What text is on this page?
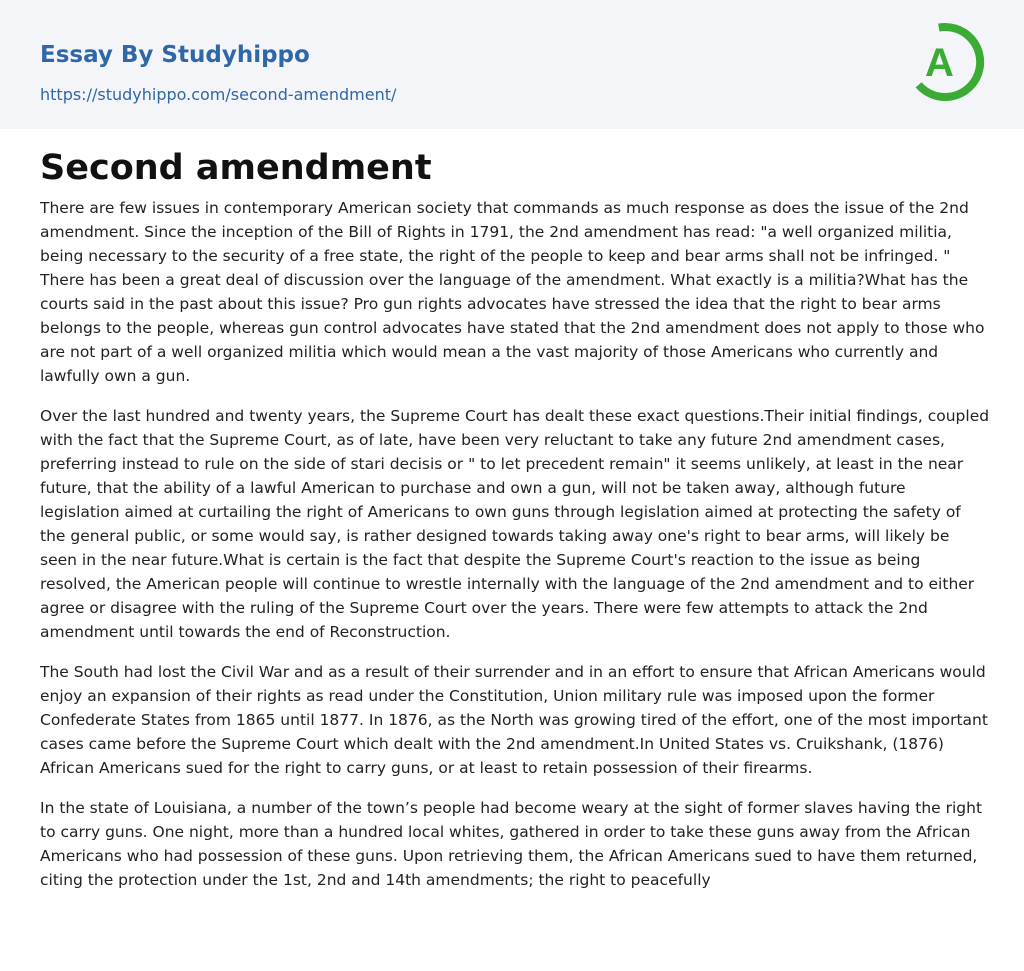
Essay By Studyhippo
https://studyhippo.com/second-amendment/
A
Second amendment

There are few issues in contemporary American society that commands as much response as does the issue of the 2nd amendment. Since the inception of the Bill of Rights in 1791, the 2nd amendment has read: "a well organized militia, being necessary to the security of a free state, the right of the people to keep and bear arms shall not be infringed. " There has been a great deal of discussion over the language of the amendment. What exactly is a militia?What has the courts said in the past about this issue? Pro gun rights advocates have stressed the idea that the right to bear arms belongs to the people, whereas gun control advocates have stated that the 2nd amendment does not apply to those who are not part of a well organized militia which would mean a the vast majority of those Americans who currently and lawfully own a gun.

Over the last hundred and twenty years, the Supreme Court has dealt these exact questions.Their initial findings, coupled with the fact that the Supreme Court, as of late, have been very reluctant to take any future 2nd amendment cases, preferring instead to rule on the side of stari decisis or " to let precedent remain" it seems unlikely, at least in the near future, that the ability of a lawful American to purchase and own a gun, will not be taken away, although future legislation aimed at curtailing the right of Americans to own guns through legislation aimed at protecting the safety of the general public, or some would say, is rather designed towards taking away one's right to bear arms, will likely be seen in the near future.What is certain is the fact that despite the Supreme Court's reaction to the issue as being resolved, the American people will continue to wrestle internally with the language of the 2nd amendment and to either agree or disagree with the ruling of the Supreme Court over the years. There were few attempts to attack the 2nd amendment until towards the end of Reconstruction.

The South had lost the Civil War and as a result of their surrender and in an effort to ensure that African Americans would enjoy an expansion of their rights as read under the Constitution, Union military rule was imposed upon the former Confederate States from 1865 until 1877. In 1876, as the North was growing tired of the effort, one of the most important cases came before the Supreme Court which dealt with the 2nd amendment.In United States vs. Cruikshank, (1876) African Americans sued for the right to carry guns, or at least to retain possession of their firearms.

In the state of Louisiana, a number of the town’s people had become weary at the sight of former slaves having the right to carry guns. One night, more than a hundred local whites, gathered in order to take these guns away from the African Americans who had possession of these guns. Upon retrieving them, the African Americans sued to have them returned, citing the protection under the 1st, 2nd and 14th amendments; the right to peacefully
